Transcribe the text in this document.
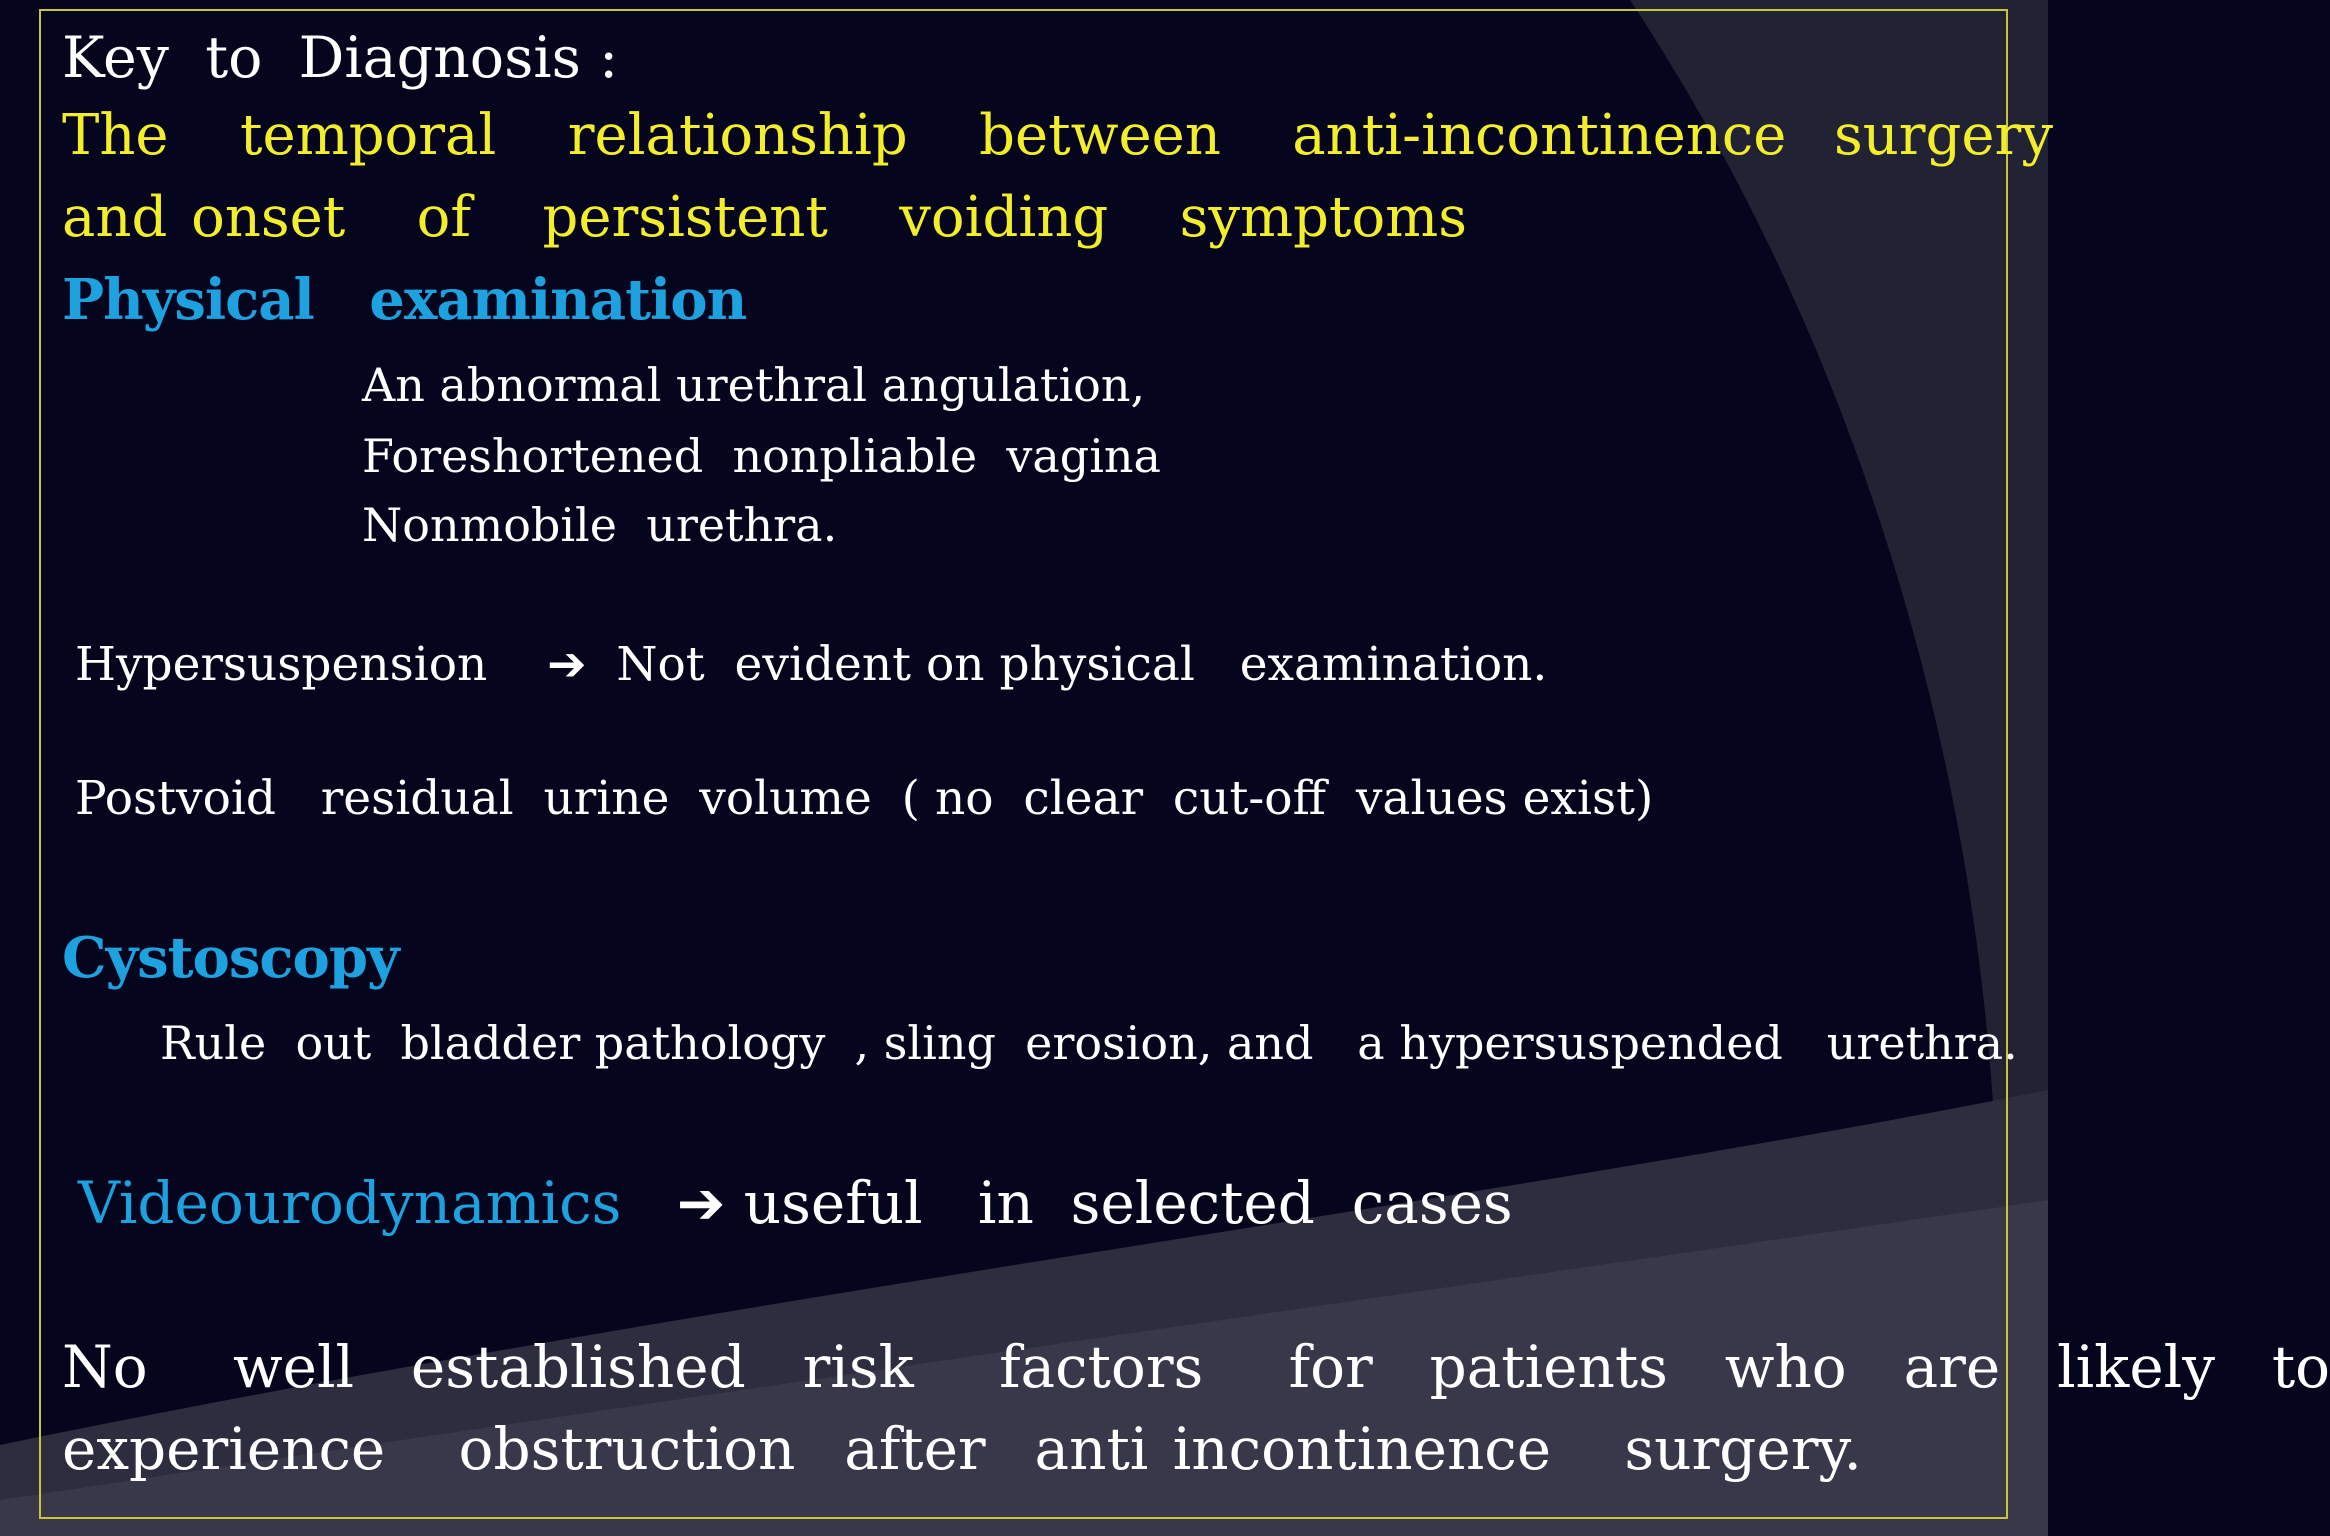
Key  to  Diagnosis :
The   temporal   relationship   between   anti-incontinence  surgery
and onset   of   persistent   voiding   symptoms
Physical   examination
An abnormal urethral angulation,
Foreshortened  nonpliable  vagina
Nonmobile  urethra.
Hypersuspension ➔ Not  evident on physical   examination.
Postvoid   residual  urine  volume  ( no  clear  cut-off  values exist)
Cystoscopy
Rule  out  bladder pathology  , sling  erosion, and   a hypersuspended   urethra.
Videourodynamics ➔ useful   in  selected  cases
No   well  established  risk   factors   for  patients  who  are  likely  to
experience   obstruction  after  anti incontinence   surgery.
